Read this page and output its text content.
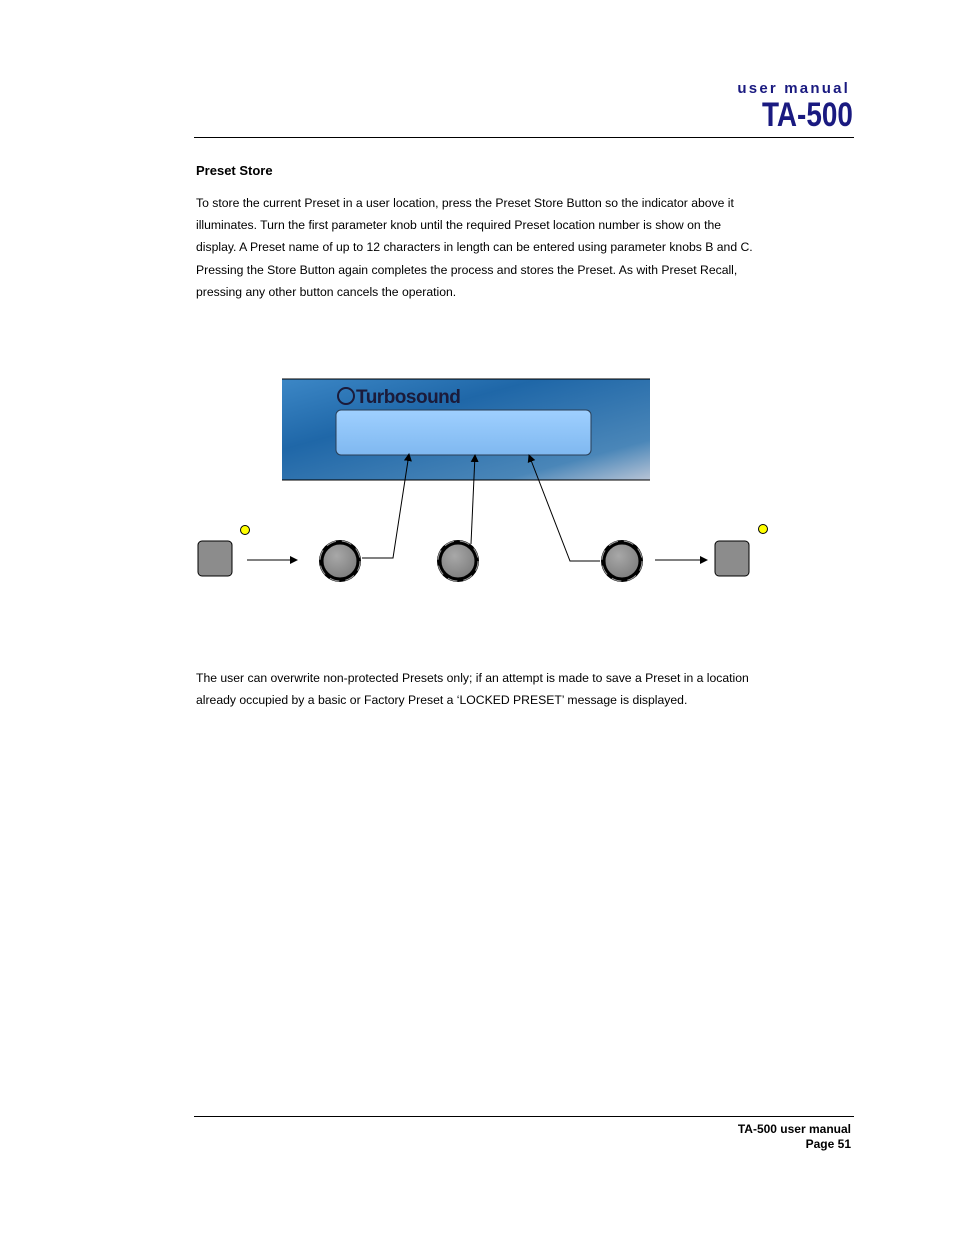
user manual
TA-500
Preset Store
To store the current Preset in a user location, press the Preset Store Button so the indicator above it illuminates. Turn the first parameter knob until the required Preset location number is show on the display. A Preset name of up to 12 characters in length can be entered using parameter knobs B and C. Pressing the Store Button again completes the process and stores the Preset. As with Preset Recall, pressing any other button cancels the operation.
Turbosound
The user can overwrite non-protected Presets only; if an attempt is made to save a Preset in a location already occupied by a basic or Factory Preset a ‘LOCKED PRESET’ message is displayed.
TA-500 user manual
Page 51
